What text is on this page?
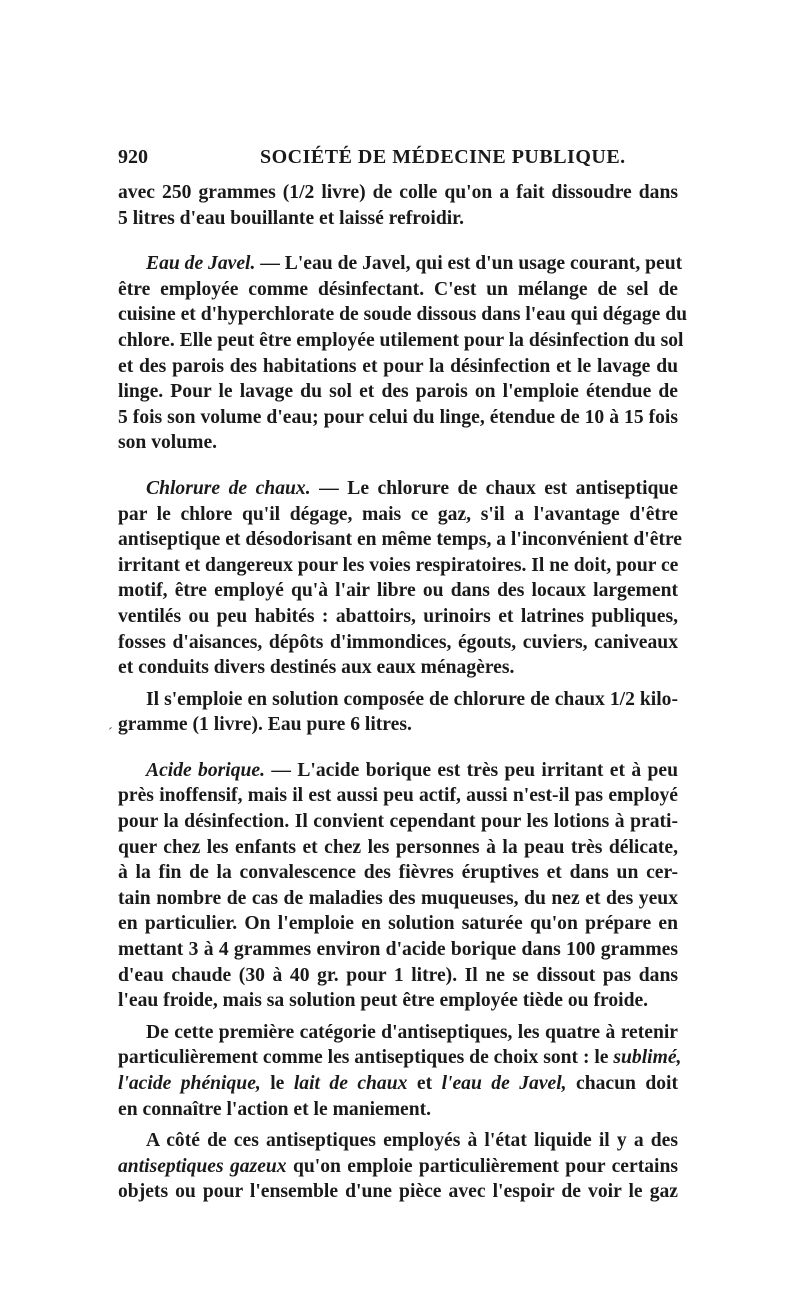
920	SOCIÉTÉ DE MÉDECINE PUBLIQUE.
ˊ
avec 250 grammes (1/2 livre) de colle qu'on a fait dissoudre dans
5 litres d'eau bouillante et laissé refroidir.
Eau de Javel. — L'eau de Javel, qui est d'un usage courant, peut
être employée comme désinfectant. C'est un mélange de sel de
cuisine et d'hyperchlorate de soude dissous dans l'eau qui dégage du
chlore. Elle peut être employée utilement pour la désinfection du sol
et des parois des habitations et pour la désinfection et le lavage du
linge. Pour le lavage du sol et des parois on l'emploie étendue de
5 fois son volume d'eau; pour celui du linge, étendue de 10 à 15 fois
son volume.
Chlorure de chaux. — Le chlorure de chaux est antiseptique
par le chlore qu'il dégage, mais ce gaz, s'il a l'avantage d'être
antiseptique et désodorisant en même temps, a l'inconvénient d'être
irritant et dangereux pour les voies respiratoires. Il ne doit, pour ce
motif, être employé qu'à l'air libre ou dans des locaux largement
ventilés ou peu habités : abattoirs, urinoirs et latrines publiques,
fosses d'aisances, dépôts d'immondices, égouts, cuviers, caniveaux
et conduits divers destinés aux eaux ménagères.
Il s'emploie en solution composée de chlorure de chaux 1/2 kilo-
gramme (1 livre). Eau pure 6 litres.
Acide borique. — L'acide borique est très peu irritant et à peu
près inoffensif, mais il est aussi peu actif, aussi n'est-il pas employé
pour la désinfection. Il convient cependant pour les lotions à prati-
quer chez les enfants et chez les personnes à la peau très délicate,
à la fin de la convalescence des fièvres éruptives et dans un cer-
tain nombre de cas de maladies des muqueuses, du nez et des yeux
en particulier. On l'emploie en solution saturée qu'on prépare en
mettant 3 à 4 grammes environ d'acide borique dans 100 grammes
d'eau chaude (30 à 40 gr. pour 1 litre). Il ne se dissout pas dans
l'eau froide, mais sa solution peut être employée tiède ou froide.
De cette première catégorie d'antiseptiques, les quatre à retenir
particulièrement comme les antiseptiques de choix sont : le sublimé,
l'acide phénique, le lait de chaux et l'eau de Javel, chacun doit
en connaître l'action et le maniement.
A côté de ces antiseptiques employés à l'état liquide il y a des
antiseptiques gazeux qu'on emploie particulièrement pour certains
objets ou pour l'ensemble d'une pièce avec l'espoir de voir le gaz
